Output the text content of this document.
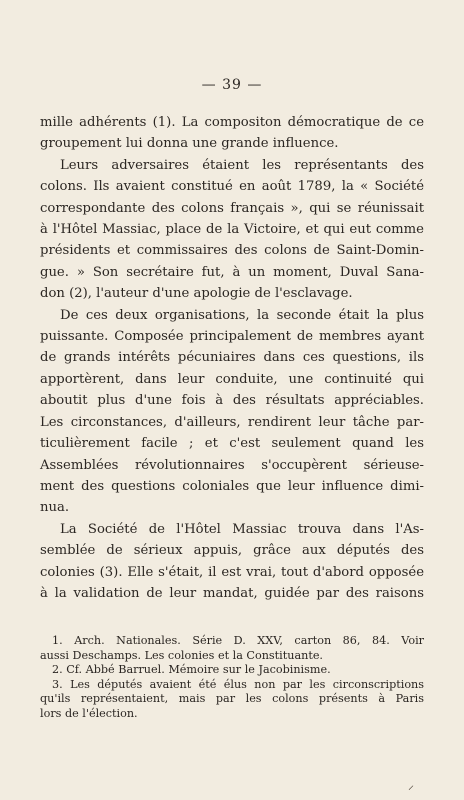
— 39 —

mille adhérents (1). La compositon démocratique de ce
groupement lui donna une grande influence.

Leurs adversaires étaient les représentants des
colons. Ils avaient constitué en août 1789, la « Société
correspondante des colons français », qui se réunissait
à l'Hôtel Massiac, place de la Victoire, et qui eut comme
présidents et commissaires des colons de Saint-Domin-
gue. » Son secrétaire fut, à un moment, Duval Sana-
don (2), l'auteur d'une apologie de l'esclavage.

De ces deux organisations, la seconde était la plus
puissante. Composée principalement de membres ayant
de grands intérêts pécuniaires dans ces questions, ils
apportèrent, dans leur conduite, une continuité qui
aboutit plus d'une fois à des résultats appréciables.
Les circonstances, d'ailleurs, rendirent leur tâche par-
ticulièrement facile ; et c'est seulement quand les
Assemblées révolutionnaires s'occupèrent sérieuse-
ment des questions coloniales que leur influence dimi-
nua.

La Société de l'Hôtel Massiac trouva dans l'As-
semblée de sérieux appuis, grâce aux députés des
colonies (3). Elle s'était, il est vrai, tout d'abord opposée
à la validation de leur mandat, guidée par des raisons

1. Arch. Nationales. Série D. XXV, carton 86, 84. Voir
aussi Deschamps. Les colonies et la Constituante.
2. Cf. Abbé Barruel. Mémoire sur le Jacobinisme.
3. Les députés avaient été élus non par les circonscriptions
qu'ils représentaient, mais par les colons présents à Paris
lors de l'élection.
⸝
